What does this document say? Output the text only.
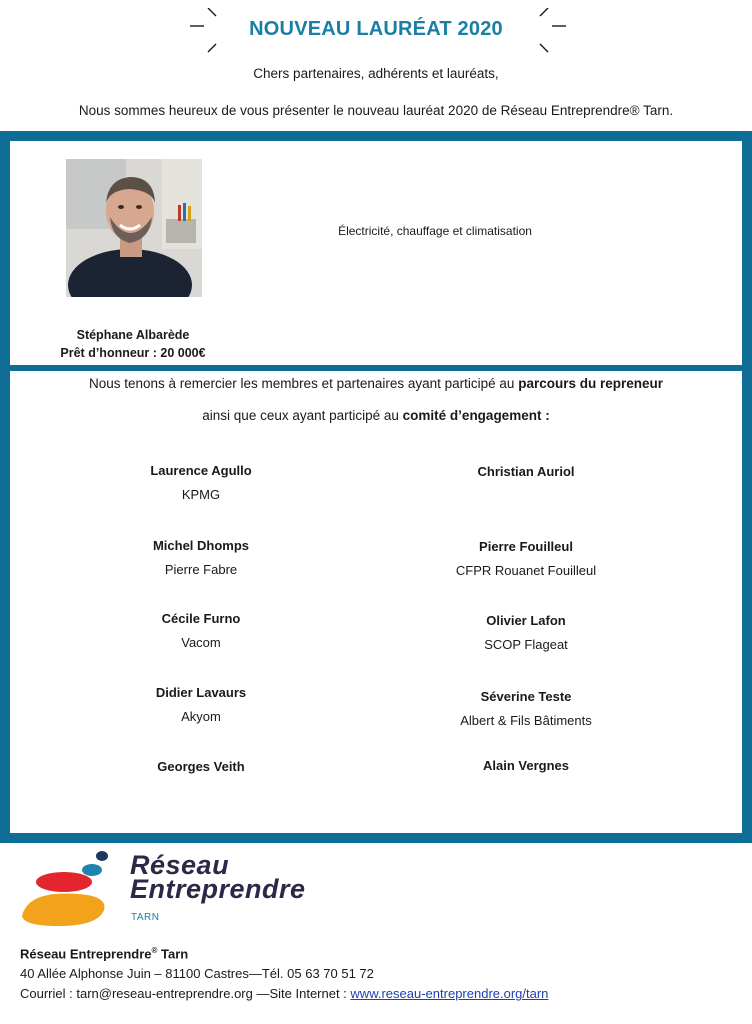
NOUVEAU LAURÉAT 2020
Chers partenaires, adhérents et lauréats,
Nous sommes heureux de vous présenter le nouveau lauréat 2020 de Réseau Entreprendre® Tarn.
Stéphane Albarède
Prêt d’honneur : 20 000€
Électricité, chauffage et climatisation
Nous tenons à remercier les membres et partenaires ayant participé au parcours du repreneur
ainsi que ceux ayant participé au comité d’engagement :
Laurence Agullo
KPMG
Christian Auriol
Michel Dhomps
Pierre Fabre
Pierre Fouilleul
CFPR Rouanet Fouilleul
Cécile Furno
Vacom
Olivier Lafon
SCOP Flageat
Didier Lavaurs
Akyom
Séverine Teste
Albert & Fils Bâtiments
Georges Veith	Alain Vergnes
Réseau
Entreprendre
TARN
Réseau Entreprendre® Tarn
40 Allée Alphonse Juin – 81100 Castres—Tél. 05 63 70 51 72
Courriel : tarn@reseau-entreprendre.org —Site Internet : www.reseau-entreprendre.org/tarn
